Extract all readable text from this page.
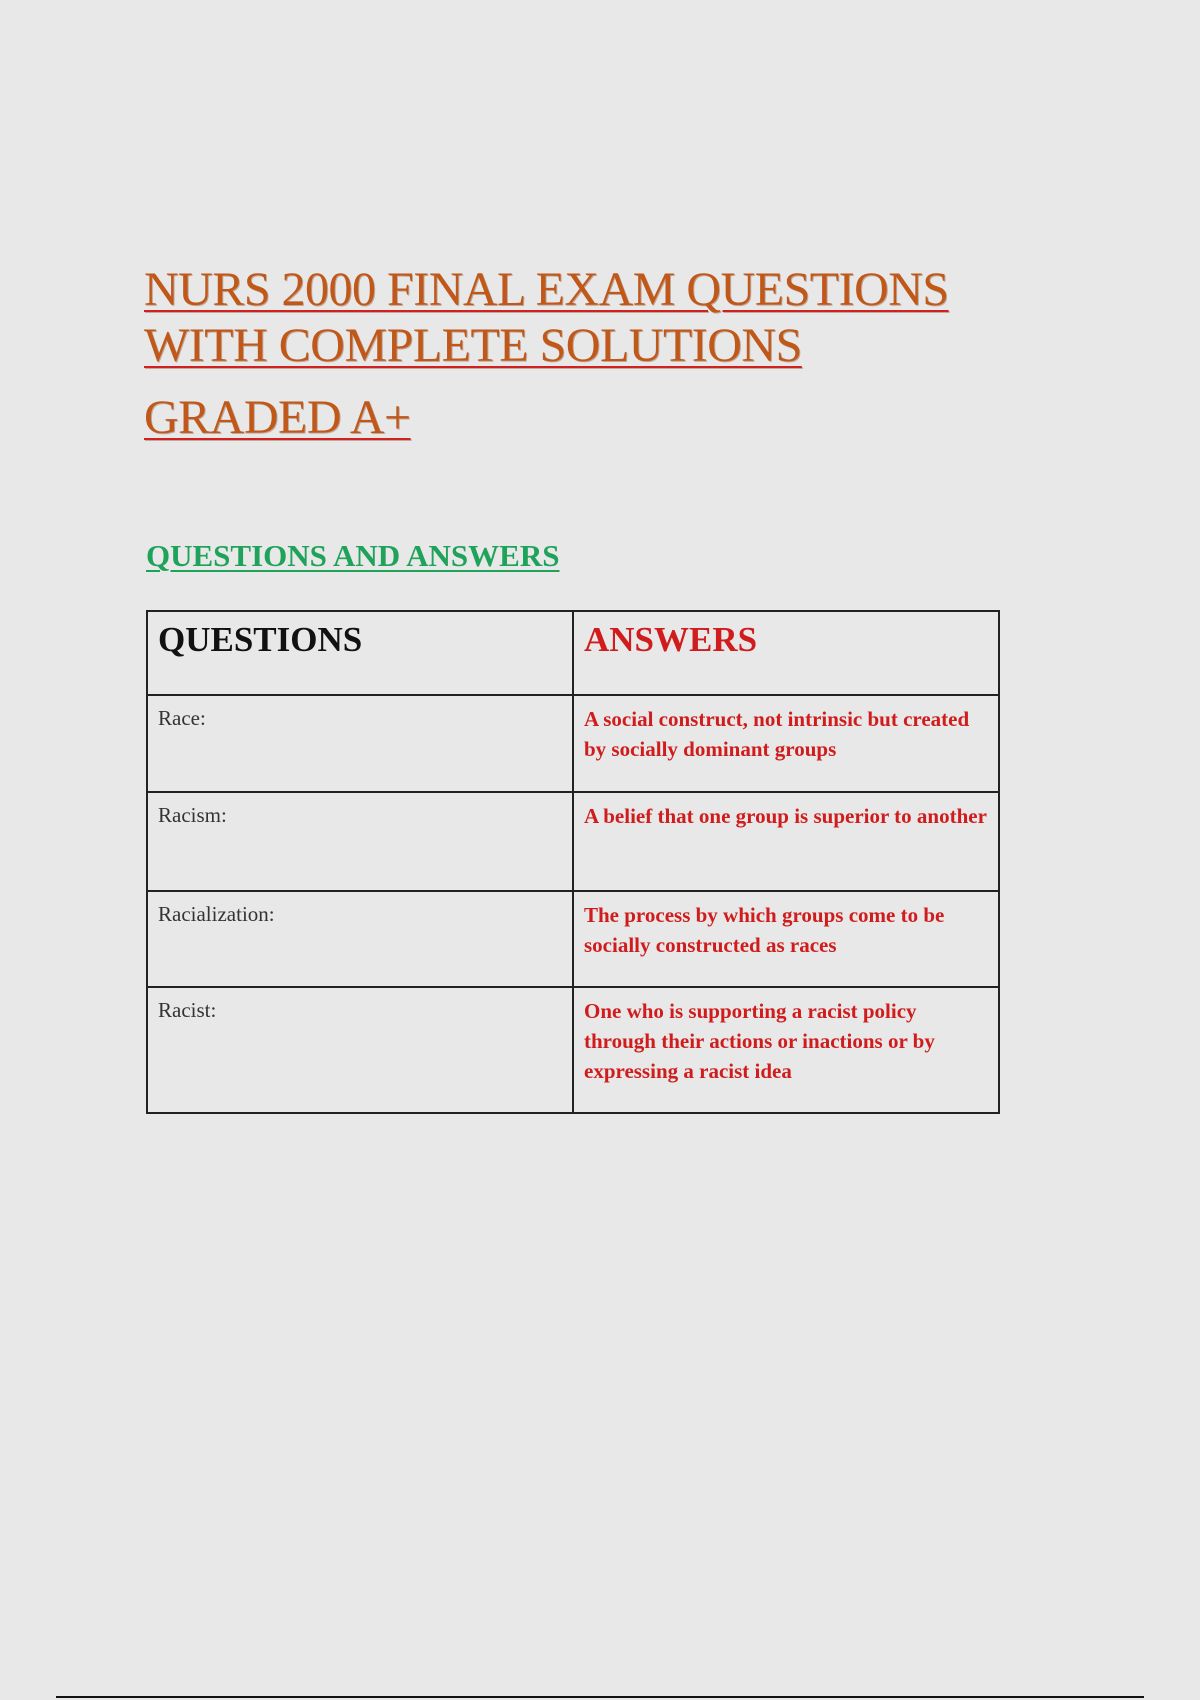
NURS 2000 FINAL EXAM QUESTIONS
WITH COMPLETE SOLUTIONS
GRADED A+
QUESTIONS AND ANSWERS
QUESTIONS	ANSWERS
Race:	A social construct, not intrinsic but created by socially dominant groups
Racism:	A belief that one group is superior to another
Racialization:	The process by which groups come to be socially constructed as races
Racist:	One who is supporting a racist policy through their actions or inactions or by expressing a racist idea
